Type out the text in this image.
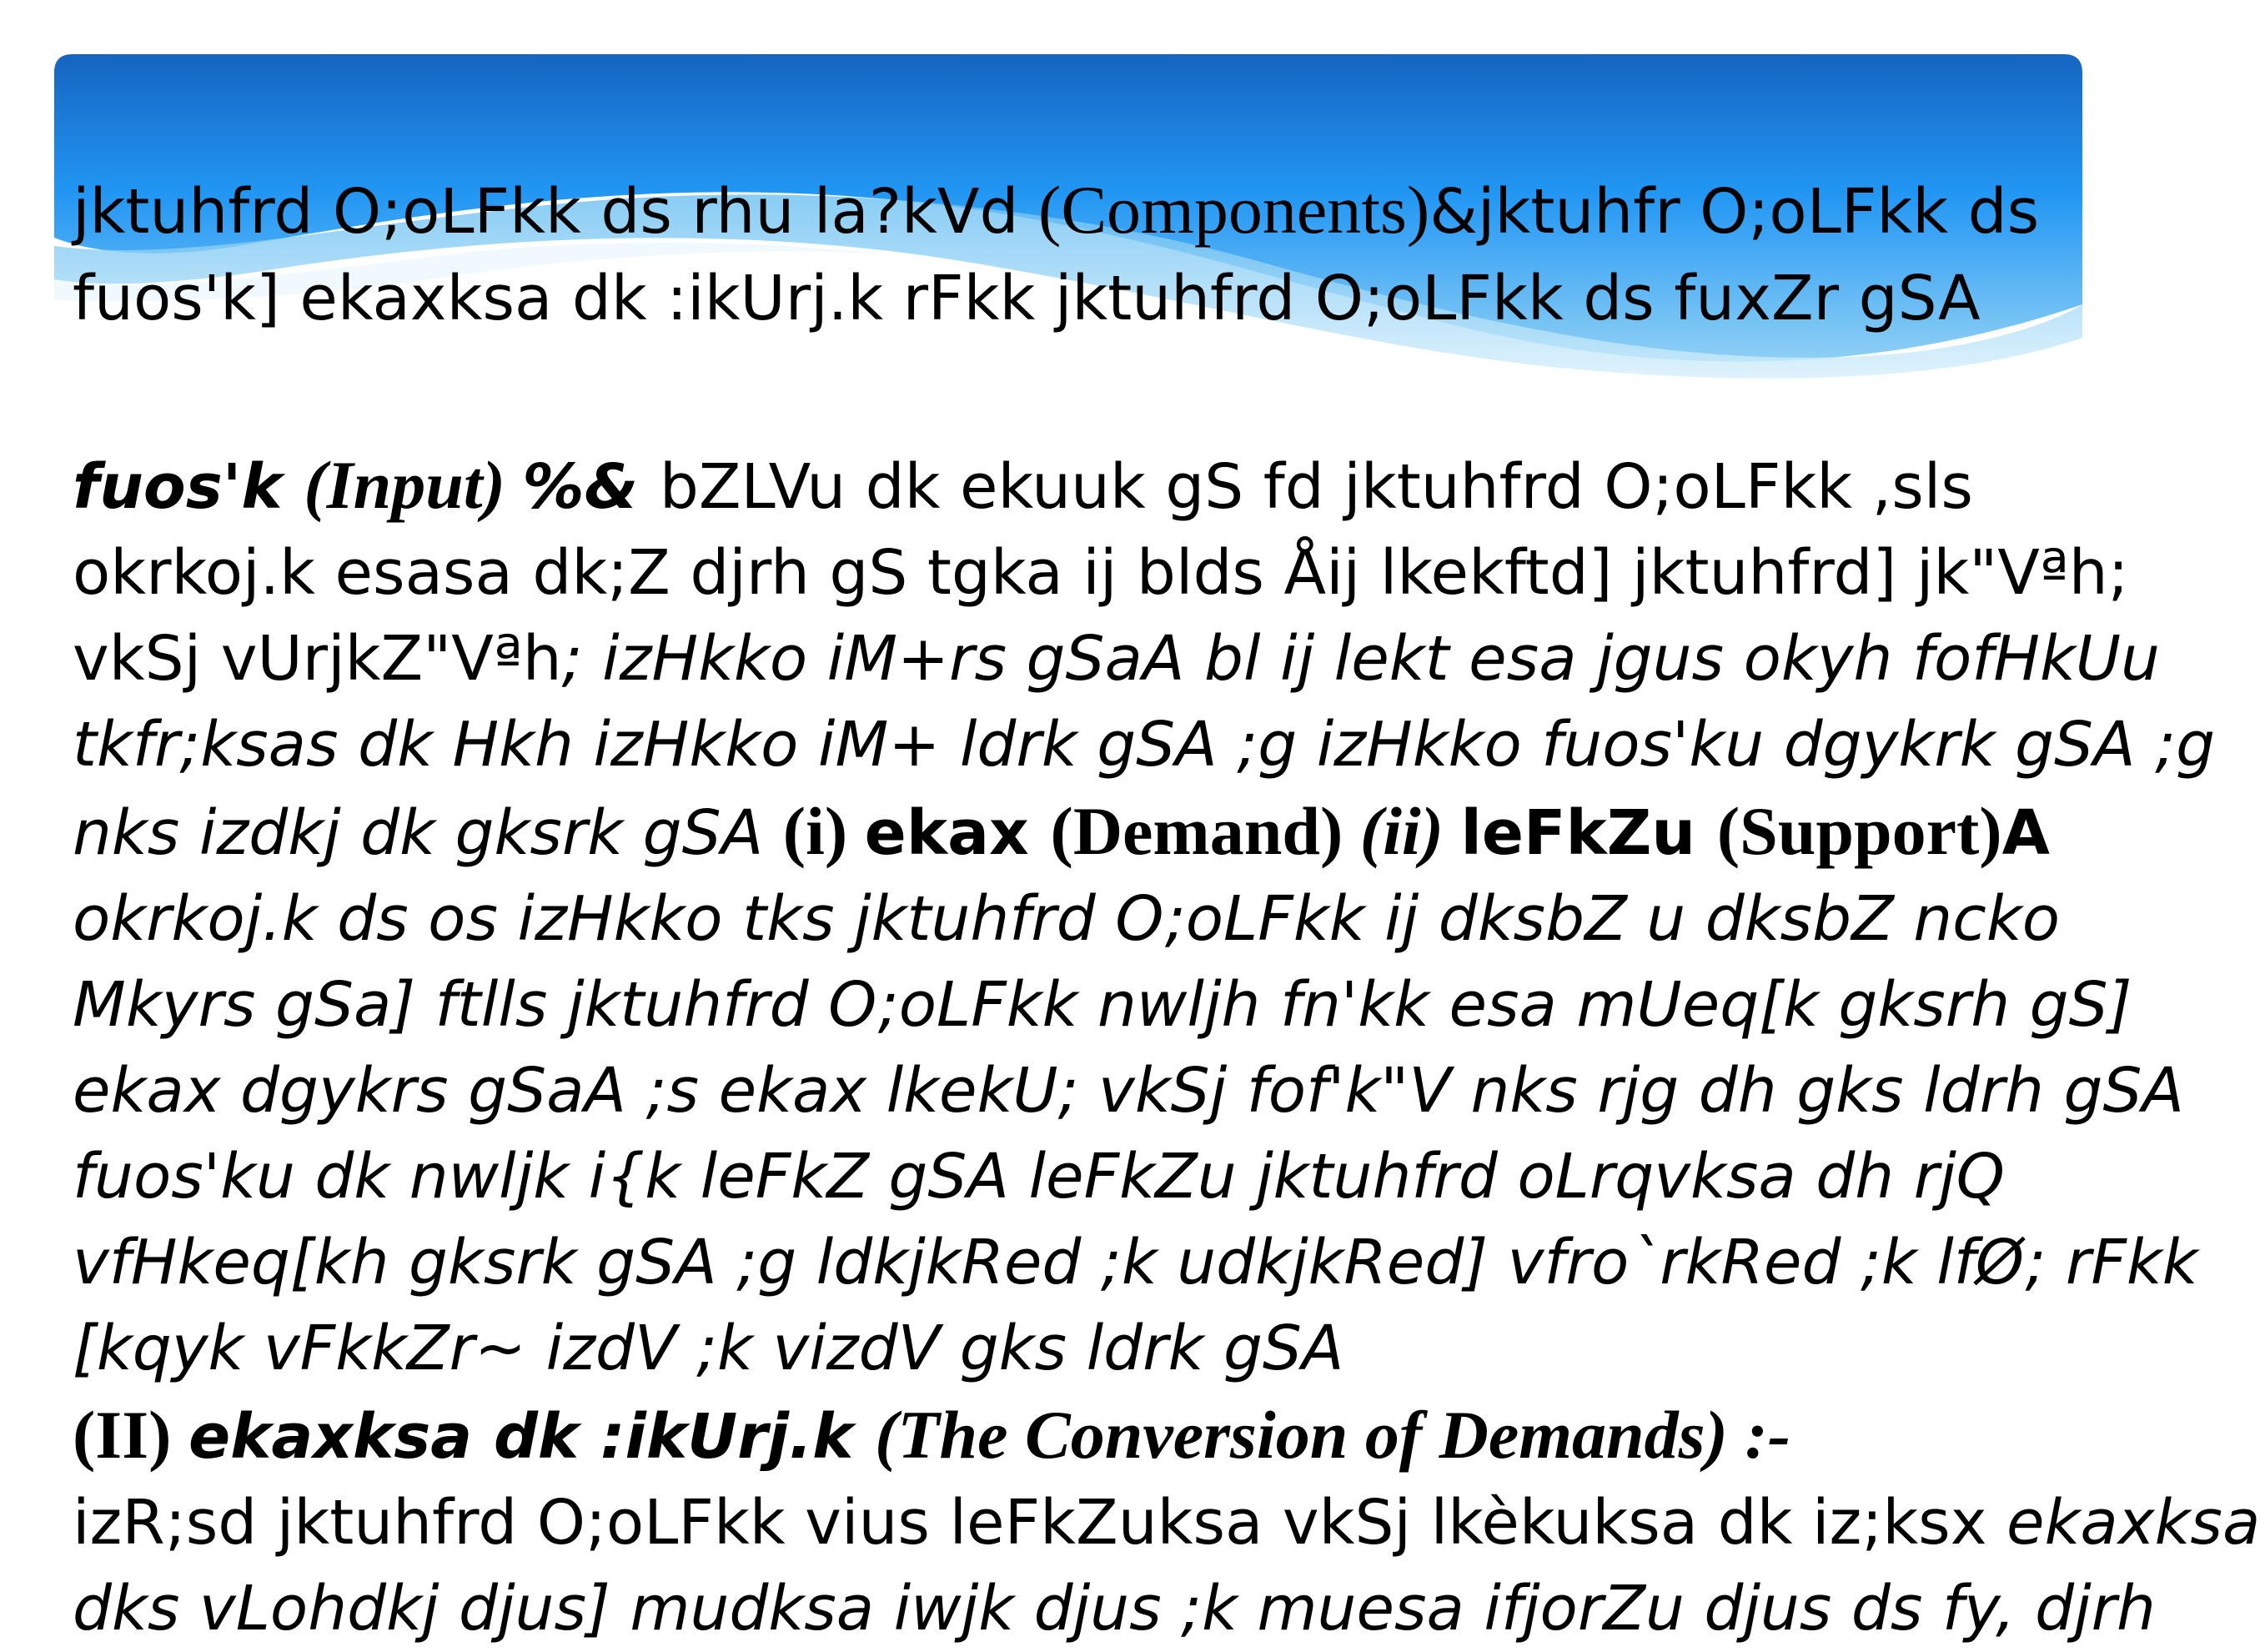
jktuhfrd O;oLFkk ds rhu la?kVd (Components)&jktuhfr O;oLFkk ds
fuos'k] ekaxksa dk :ikUrj.k rFkk jktuhfrd O;oLFkk ds fuxZr gSA
fuos'k (Input) %& bZLVu dk ekuuk gS fd jktuhfrd O;oLFkk ,sls
okrkoj.k esasa dk;Z djrh gS tgka ij blds Åij lkekftd] jktuhfrd] jk"Vªh;
vkSj vUrjkZ"Vªh; izHkko iM+rs gSaA bl ij lekt esa jgus okyh fofHkUu
tkfr;ksas dk Hkh izHkko iM+ ldrk gSA ;g izHkko fuos'ku dgykrk gSA ;g
nks izdkj dk gksrk gSA (i) ekax (Demand) (ii) leFkZu (Support)A
okrkoj.k ds os izHkko tks jktuhfrd O;oLFkk ij dksbZ u dksbZ ncko
Mkyrs gSa] ftlls jktuhfrd O;oLFkk nwljh fn'kk esa mUeq[k gksrh gS]
ekax dgykrs gSaA ;s ekax lkekU; vkSj fof'k"V nks rjg dh gks ldrh gSA
fuos'ku dk nwljk i{k leFkZ gSA leFkZu jktuhfrd oLrqvksa dh rjQ
vfHkeq[kh gksrk gSA ;g ldkjkRed ;k udkjkRed] vfro`rkRed ;k lfØ; rFkk
[kqyk vFkkZr~ izdV ;k vizdV gks ldrk gSA
(II) ekaxksa dk :ikUrj.k (The Conversion of Demands) :-
izR;sd jktuhfrd O;oLFkk vius leFkZuksa vkSj lkèkuksa dk iz;ksx ekaxksa
dks vLohdkj djus] mudksa iwjk djus ;k muesa ifjorZu djus ds fy, djrh
